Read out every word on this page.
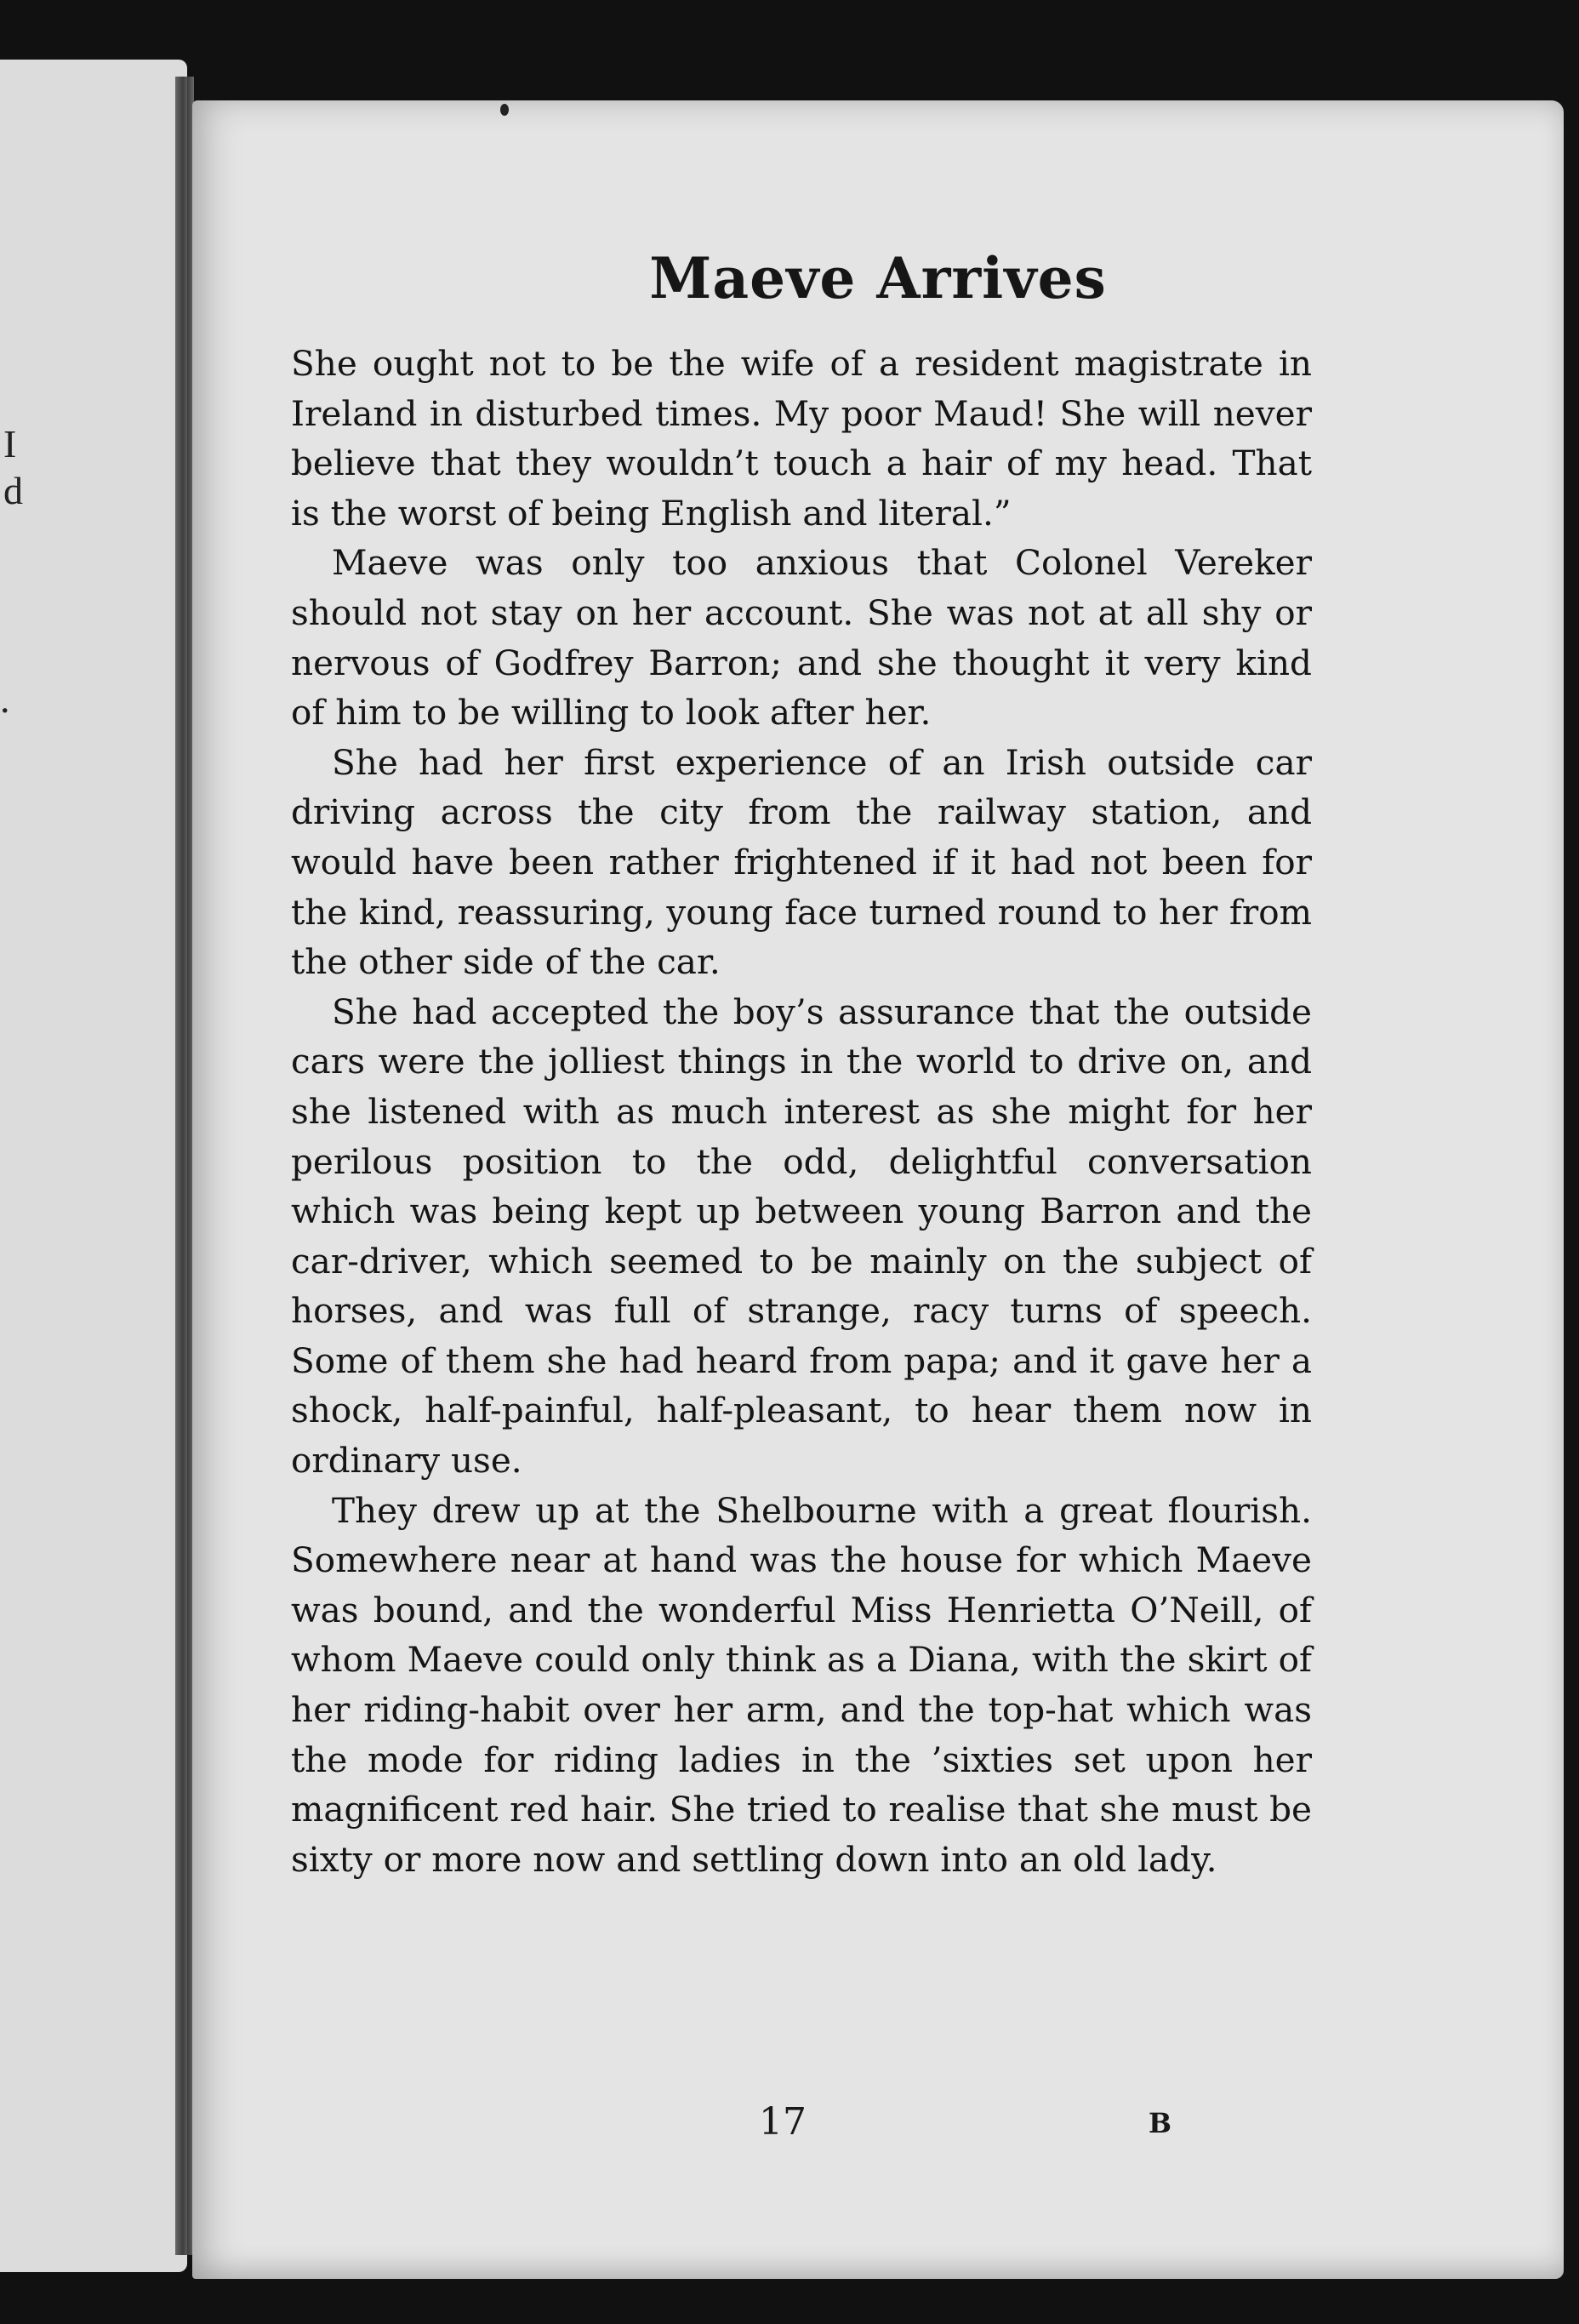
I
d
.
Maeve Arrives

She ought not to be the wife of a resident magistrate in Ireland in disturbed times. My poor Maud! She will never believe that they wouldn’t touch a hair of my head. That is the worst of being English and literal.”

Maeve was only too anxious that Colonel Vereker should not stay on her account. She was not at all shy or nervous of Godfrey Barron; and she thought it very kind of him to be willing to look after her.

She had her first experience of an Irish outside car driving across the city from the railway station, and would have been rather frightened if it had not been for the kind, reassuring, young face turned round to her from the other side of the car.

She had accepted the boy’s assurance that the outside cars were the jolliest things in the world to drive on, and she listened with as much interest as she might for her perilous position to the odd, delightful conversation which was being kept up between young Barron and the car-driver, which seemed to be mainly on the subject of horses, and was full of strange, racy turns of speech. Some of them she had heard from papa; and it gave her a shock, half-painful, half-pleasant, to hear them now in ordinary use.

They drew up at the Shelbourne with a great flourish. Somewhere near at hand was the house for which Maeve was bound, and the wonderful Miss Henrietta O’Neill, of whom Maeve could only think as a Diana, with the skirt of her riding-habit over her arm, and the top-hat which was the mode for riding ladies in the ’sixties set upon her magnificent red hair. She tried to realise that she must be sixty or more now and settling down into an old lady.

17	B
